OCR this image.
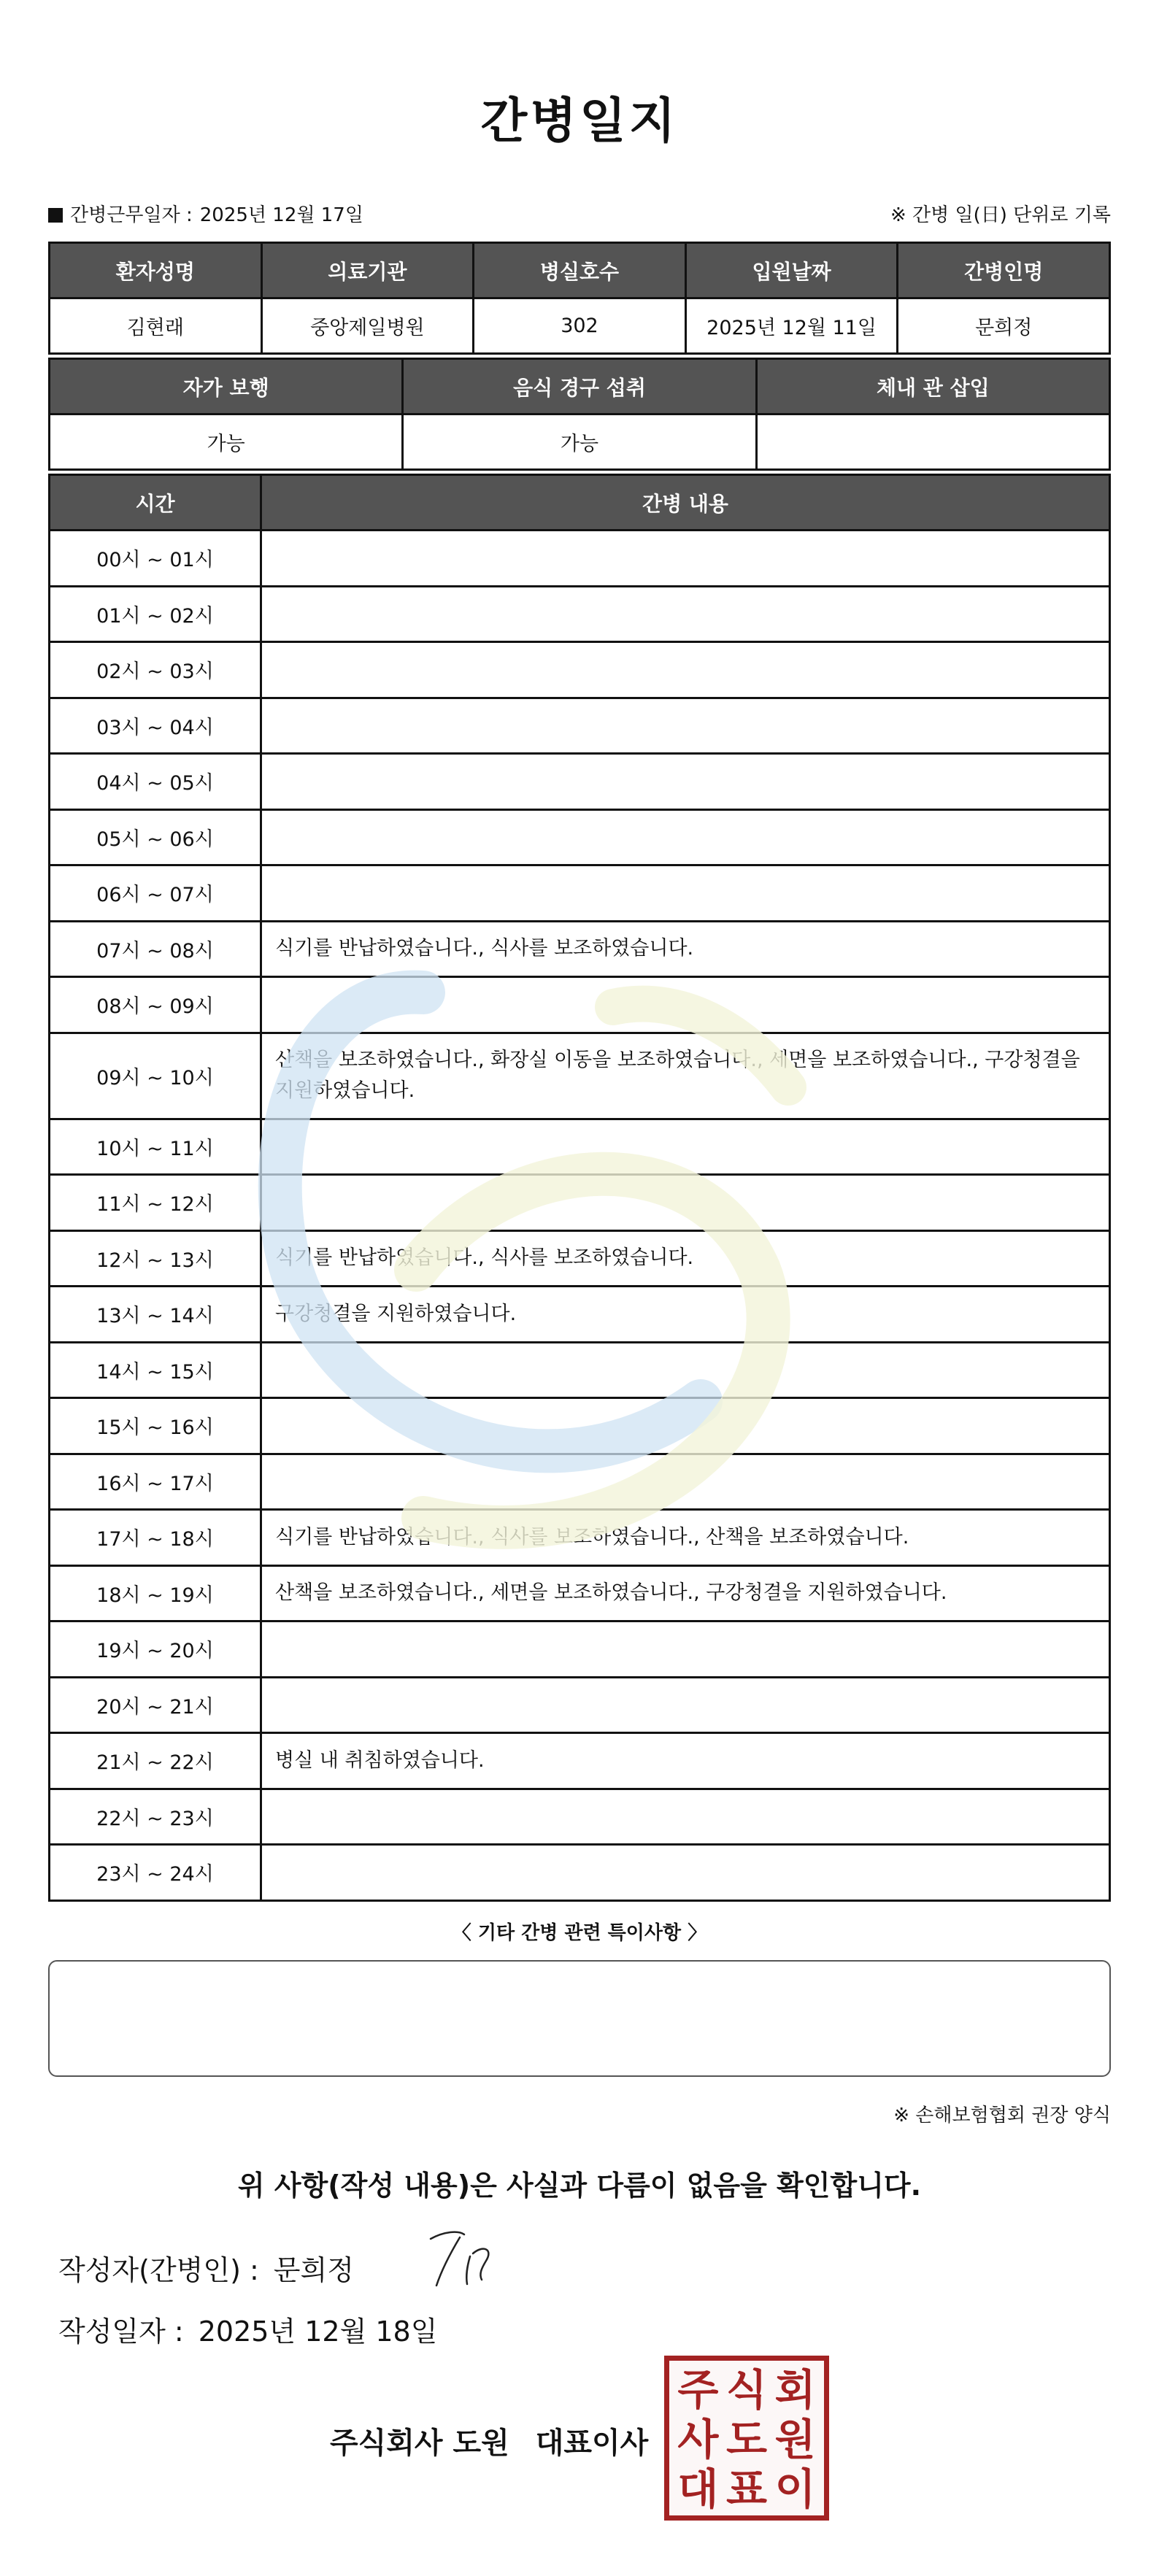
간병일지
간병근무일자 : 2025년 12월 17일	※ 간병 일(日) 단위로 기록
환자성명	의료기관	병실호수	입원날짜	간병인명
김현래	중앙제일병원	302	2025년 12월 11일	문희정
자가 보행	음식 경구 섭취	체내 관 삽입
가능	가능	
시간	간병 내용
00시 ~ 01시	
01시 ~ 02시	
02시 ~ 03시	
03시 ~ 04시	
04시 ~ 05시	
05시 ~ 06시	
06시 ~ 07시	
07시 ~ 08시	식기를 반납하였습니다., 식사를 보조하였습니다.
08시 ~ 09시	
09시 ~ 10시	산책을 보조하였습니다., 화장실 이동을 보조하였습니다., 세면을 보조하였습니다., 구강청결을 지원하였습니다.
10시 ~ 11시	
11시 ~ 12시	
12시 ~ 13시	식기를 반납하였습니다., 식사를 보조하였습니다.
13시 ~ 14시	구강청결을 지원하였습니다.
14시 ~ 15시	
15시 ~ 16시	
16시 ~ 17시	
17시 ~ 18시	식기를 반납하였습니다., 식사를 보조하였습니다., 산책을 보조하였습니다.
18시 ~ 19시	산책을 보조하였습니다., 세면을 보조하였습니다., 구강청결을 지원하였습니다.
19시 ~ 20시	
20시 ~ 21시	
21시 ~ 22시	병실 내 취침하였습니다.
22시 ~ 23시	
23시 ~ 24시	
〈 기타 간병 관련 특이사항 〉
※ 손해보험협회 권장 양식
위 사항(작성 내용)은 사실과 다름이 없음을 확인합니다.
작성자(간병인) : 문희정
작성일자 : 2025년 12월 18일
주식회사 도원 대표이사
주 식 회
사 도 원
대 표 이
